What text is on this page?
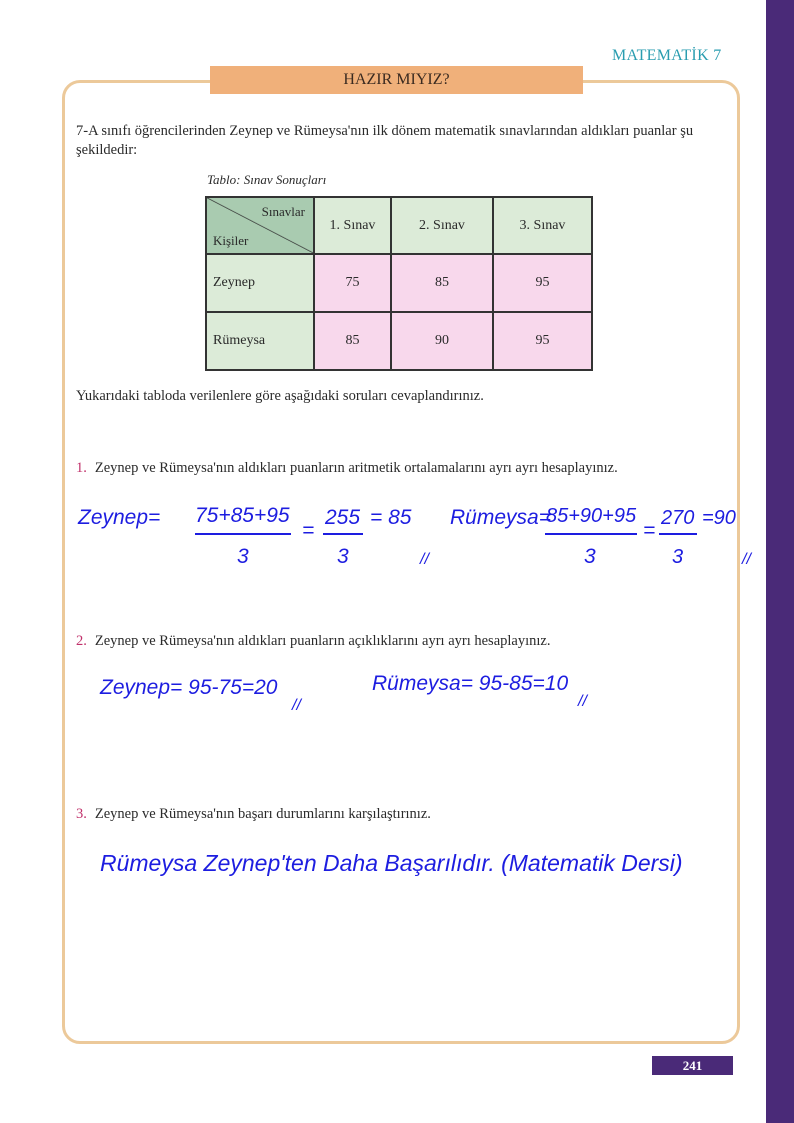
MATEMATİK 7
HAZIR MIYIZ?
7-A sınıfı öğrencilerinden Zeynep ve Rümeysa'nın ilk dönem matematik sınavlarından aldıkları puanlar şu şekildedir:
Tablo: Sınav Sonuçları
Sınavlar
Kişiler	1. Sınav	2. Sınav	3. Sınav
Zeynep	75	85	95
Rümeysa	85	90	95
Yukarıdaki tabloda verilenlere göre aşağıdaki soruları cevaplandırınız.
1. Zeynep ve Rümeysa'nın aldıkları puanların aritmetik ortalamalarını ayrı ayrı hesaplayınız.
2. Zeynep ve Rümeysa'nın aldıkları puanların açıklıklarını ayrı ayrı hesaplayınız.
3. Zeynep ve Rümeysa'nın başarı durumlarını karşılaştırınız.
Zeynep= 75+85+95
3
=
255
3
= 85
//
Rümeysa=
85+90+95
3
=
270
3
=90
//
Zeynep= 95-75=20
//
Rümeysa= 95-85=10
//
Rümeysa Zeynep'ten Daha Başarılıdır. (Matematik Dersi)
241
